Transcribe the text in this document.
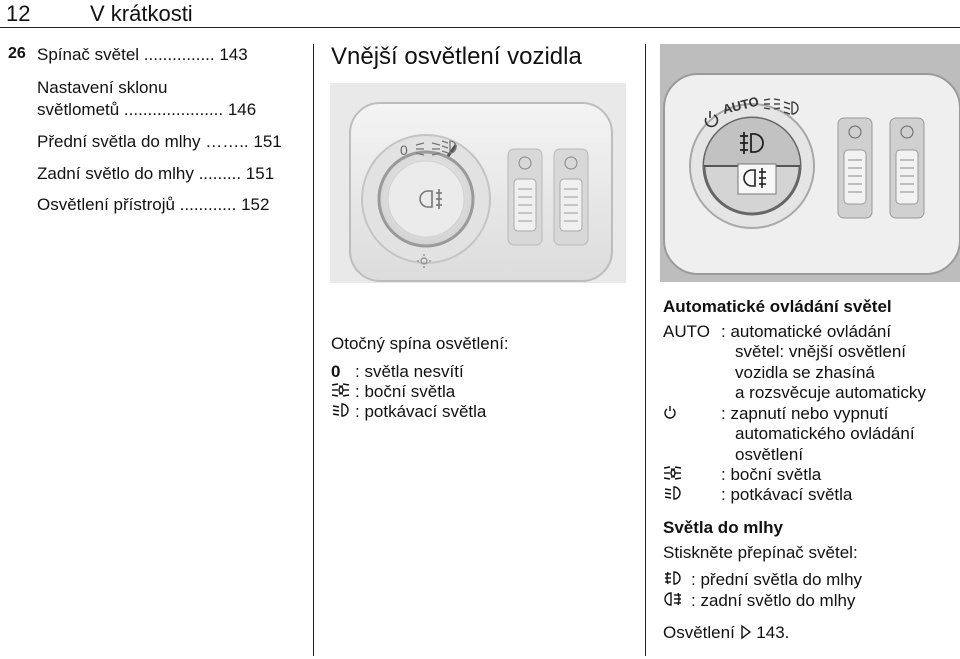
12	V krátkosti
26 Spínač světel ............... 143
Nastavení sklonu
světlometů ..................... 146
Přední světla do mlhy …….. 151
Zadní světlo do mlhy ......... 151
Osvětlení přístrojů ............ 152
Vnější osvětlení vozidla
0
AUTO
Otočný spína osvětlení:
0 : světla nesvítí
: boční světla
: potkávací světla
Automatické ovládání světel
AUTO : automatické ovládání
světel: vnější osvětlení
vozidla se zhasíná
a rozsvěcuje automaticky
: zapnutí nebo vypnutí
automatického ovládání
osvětlení
: boční světla
: potkávací světla
Světla do mlhy
Stiskněte přepínač světel:
: přední světla do mlhy
: zadní světlo do mlhy
Osvětlení 143.
